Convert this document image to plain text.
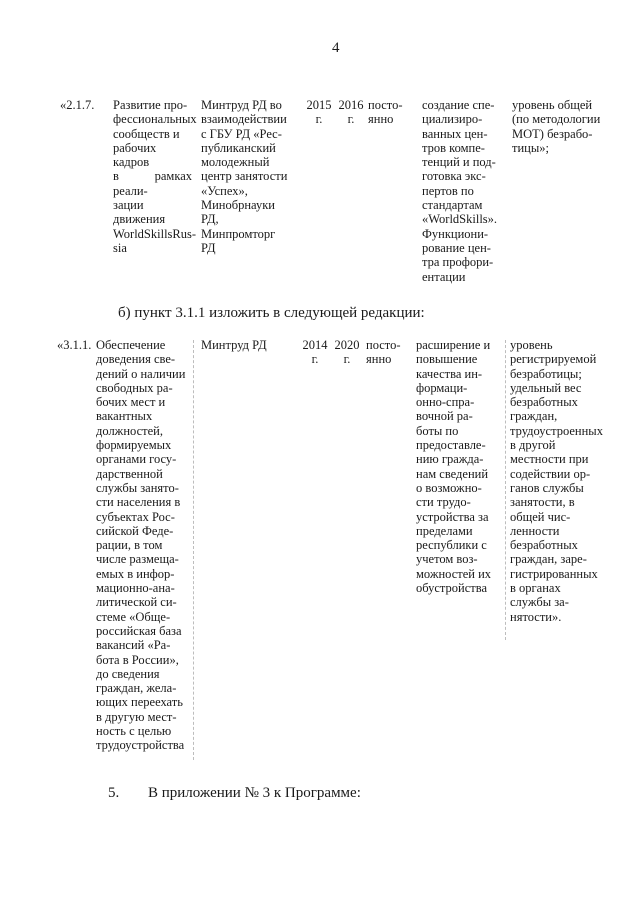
4
«2.1.7. Развитие про-
фессиональных
сообществ и
рабочих кадров
в рамках реали-
зации движения
WorldSkillsRus-
sia
Минтруд РД во
взаимодействии
с ГБУ РД «Рес-
публиканский
молодежный
центр занятости
«Успех»,
Минобрнауки
РД,
Минпромторг
РД
2015
г.
2016
г.
посто-
янно
создание спе-
циализиро-
ванных цен-
тров компе-
тенций и под-
готовка экс-
пертов по
стандартам
«WorldSkills».
Функциони-
рование цен-
тра профори-
ентации
уровень общей
(по методологии
МОТ) безрабо-
тицы»;
б) пункт 3.1.1 изложить в следующей редакции:
«3.1.1. Обеспечение
доведения све-
дений о наличии
свободных ра-
бочих мест и
вакантных
должностей,
формируемых
органами госу-
дарственной
службы занято-
сти населения в
субъектах Рос-
сийской Феде-
рации, в том
числе размеща-
емых в инфор-
мационно-ана-
литической си-
стеме «Обще-
российская база
вакансий «Ра-
бота в России»,
до сведения
граждан, жела-
ющих переехать
в другую мест-
ность с целью
трудоустройства
Минтруд РД	2014
г.
2020
г.
посто-
янно
расширение и
повышение
качества ин-
формаци-
онно-спра-
вочной ра-
боты по
предоставле-
нию гражда-
нам сведений
о возможно-
сти трудо-
устройства за
пределами
республики с
учетом воз-
можностей их
обустройства
уровень
регистрируемой
безработицы;
удельный вес
безработных
граждан,
трудоустроенных
в другой
местности при
содействии ор-
ганов службы
занятости, в
общей чис-
ленности
безработных
граждан, заре-
гистрированных
в органах
службы за-
нятости».
5. В приложении № 3 к Программе:
